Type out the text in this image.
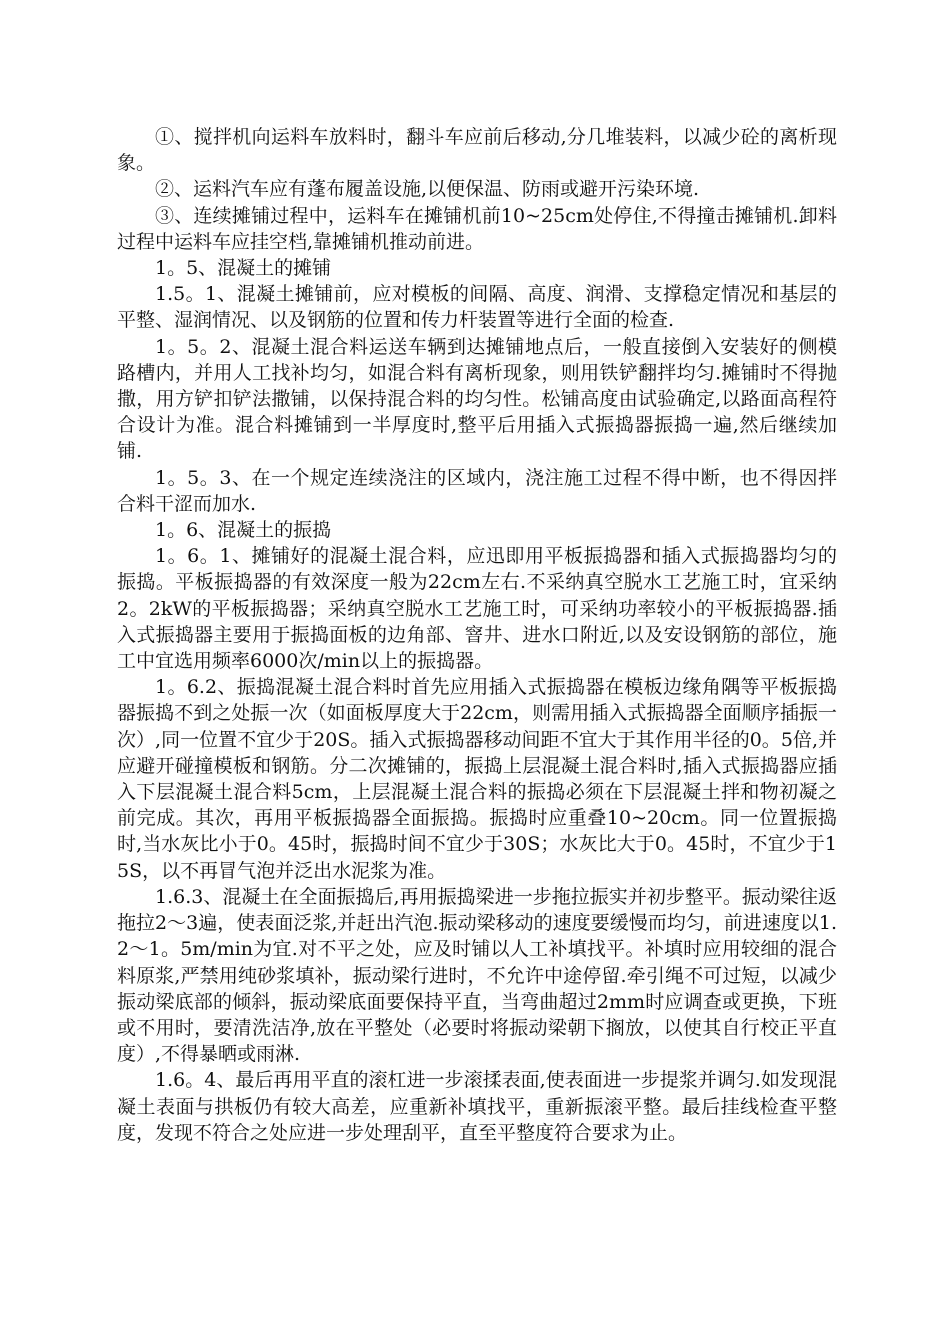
①、搅拌机向运料车放料时，翻斗车应前后移动,分几堆装料，以减少砼的离析现象。

②、运料汽车应有蓬布履盖设施,以便保温、防雨或避开污染环境.

③、连续摊铺过程中，运料车在摊铺机前10~25cm处停住,不得撞击摊铺机.卸料过程中运料车应挂空档,靠摊铺机推动前进。

1。5、混凝土的摊铺

1.5。1、混凝土摊铺前，应对模板的间隔、高度、润滑、支撑稳定情况和基层的平整、湿润情况、以及钢筋的位置和传力杆装置等进行全面的检查.

1。5。2、混凝土混合料运送车辆到达摊铺地点后，一般直接倒入安装好的侧模路槽内，并用人工找补均匀，如混合料有离析现象，则用铁铲翻拌均匀.摊铺时不得抛撒，用方铲扣铲法撒铺，以保持混合料的均匀性。松铺高度由试验确定,以路面高程符合设计为准。混合料摊铺到一半厚度时,整平后用插入式振捣器振捣一遍,然后继续加铺.

1。5。3、在一个规定连续浇注的区域内，浇注施工过程不得中断，也不得因拌合料干涩而加水.

1。6、混凝土的振捣

1。6。1、摊铺好的混凝土混合料，应迅即用平板振捣器和插入式振捣器均匀的振捣。平板振捣器的有效深度一般为22cm左右.不采纳真空脱水工艺施工时，宜采纳2。2kW的平板振捣器；采纳真空脱水工艺施工时，可采纳功率较小的平板振捣器.插入式振捣器主要用于振捣面板的边角部、窨井、进水口附近,以及安设钢筋的部位，施工中宜选用频率6000次/min以上的振捣器。

1。6.2、振捣混凝土混合料时首先应用插入式振捣器在模板边缘角隅等平板振捣器振捣不到之处振一次（如面板厚度大于22cm，则需用插入式振捣器全面顺序插振一次）,同一位置不宜少于20S。插入式振捣器移动间距不宜大于其作用半径的0。5倍,并应避开碰撞模板和钢筋。分二次摊铺的，振捣上层混凝土混合料时,插入式振捣器应插入下层混凝土混合料5cm，上层混凝土混合料的振捣必须在下层混凝土拌和物初凝之前完成。其次，再用平板振捣器全面振捣。振捣时应重叠10~20cm。同一位置振捣时,当水灰比小于0。45时，振捣时间不宜少于30S；水灰比大于0。45时，不宜少于15S，以不再冒气泡并泛出水泥浆为准。

1.6.3、混凝土在全面振捣后,再用振捣梁进一步拖拉振实并初步整平。振动梁往返拖拉2～3遍，使表面泛浆,并赶出汽泡.振动梁移动的速度要缓慢而均匀，前进速度以1.2～1。5m/min为宜.对不平之处，应及时铺以人工补填找平。补填时应用较细的混合料原浆,严禁用纯砂浆填补，振动梁行进时，不允许中途停留.牵引绳不可过短，以减少振动梁底部的倾斜，振动梁底面要保持平直，当弯曲超过2mm时应调查或更换，下班或不用时，要清洗洁净,放在平整处（必要时将振动梁朝下搁放，以使其自行校正平直度）,不得暴晒或雨淋.

1.6。4、最后再用平直的滚杠进一步滚揉表面,使表面进一步提浆并调匀.如发现混凝土表面与拱板仍有较大高差，应重新补填找平，重新振滚平整。最后挂线检查平整度，发现不符合之处应进一步处理刮平，直至平整度符合要求为止。
